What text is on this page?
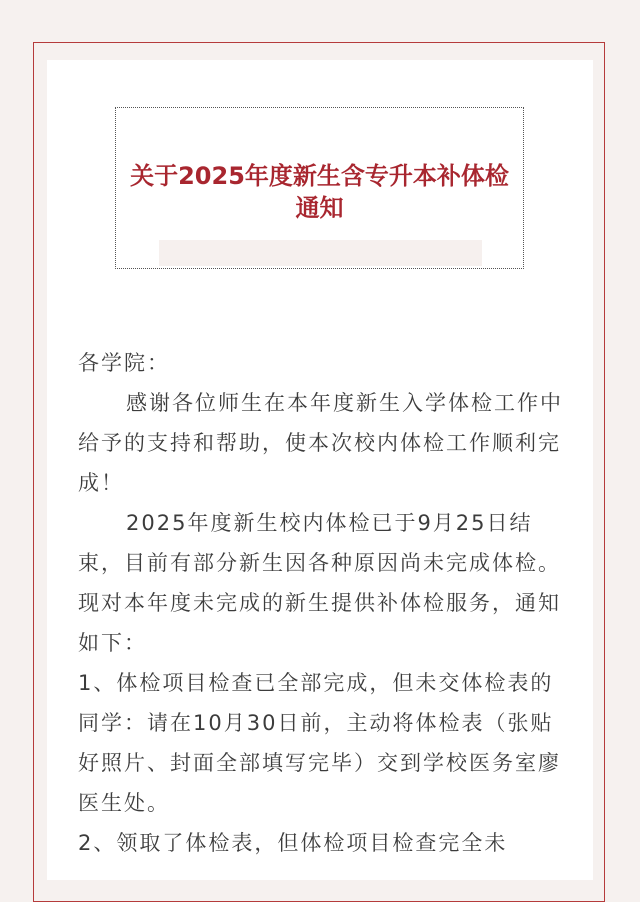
关于2025年度新生含专升本补体检通知

各学院：

感谢各位师生在本年度新生入学体检工作中给予的支持和帮助，使本次校内体检工作顺利完成！

2025年度新生校内体检已于9月25日结束，目前有部分新生因各种原因尚未完成体检。现对本年度未完成的新生提供补体检服务，通知如下：

1、体检项目检查已全部完成，但未交体检表的同学：请在10月30日前，主动将体检表（张贴好照片、封面全部填写完毕）交到学校医务室廖医生处。

2、领取了体检表，但体检项目检查完全未
